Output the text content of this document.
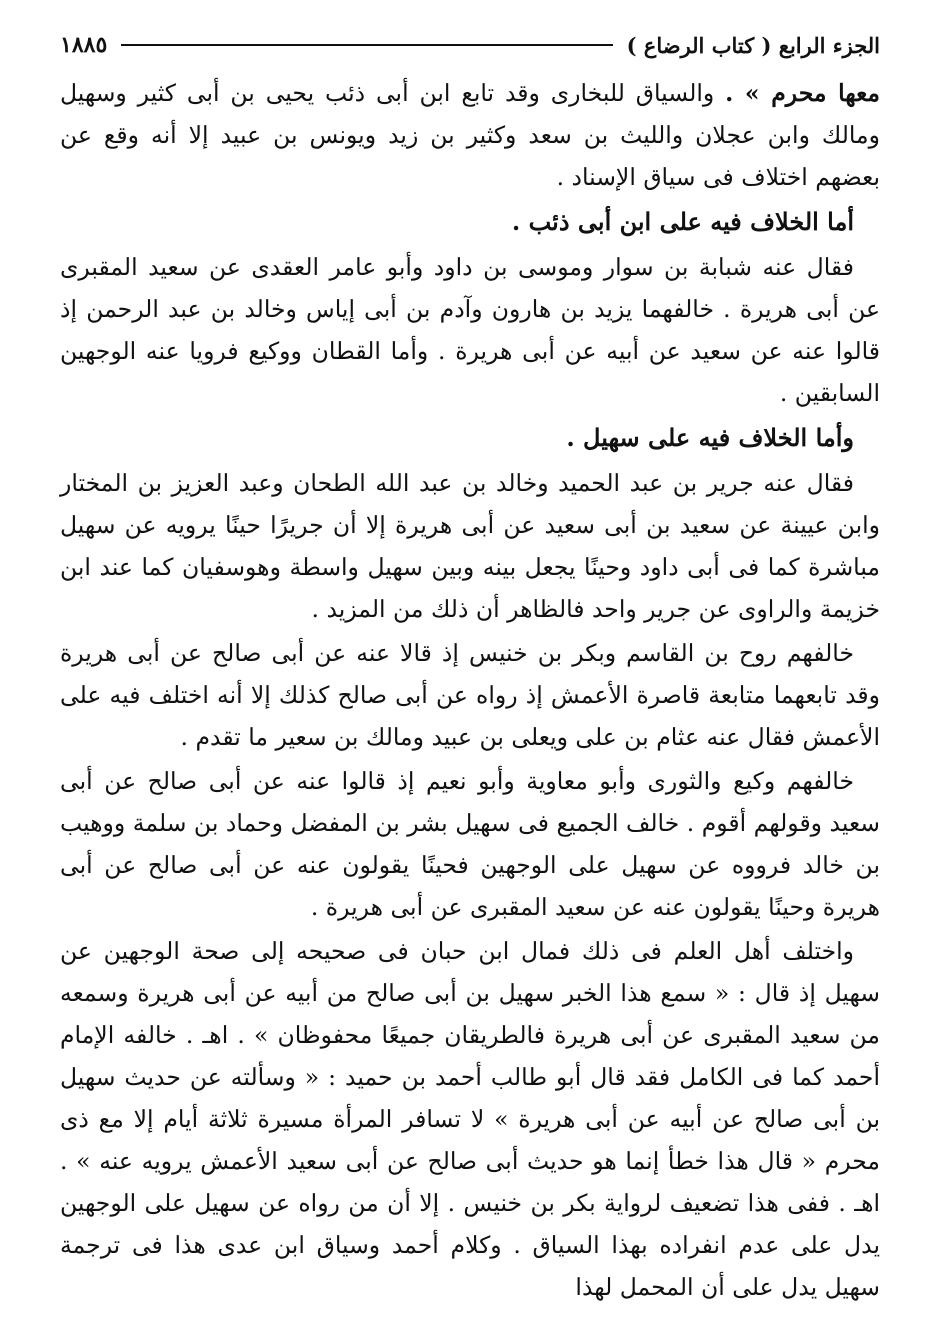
الجزء الرابع ( كتاب الرضاع )
١٨٨٥

معها محرم » . والسياق للبخارى وقد تابع ابن أبى ذئب يحيى بن أبى كثير وسهيل ومالك وابن عجلان والليث بن سعد وكثير بن زيد ويونس بن عبيد إلا أنه وقع عن بعضهم اختلاف فى سياق الإسناد .

أما الخلاف فيه على ابن أبى ذئب .

فقال عنه شبابة بن سوار وموسى بن داود وأبو عامر العقدى عن سعيد المقبرى عن أبى هريرة . خالفهما يزيد بن هارون وآدم بن أبى إياس وخالد بن عبد الرحمن إذ قالوا عنه عن سعيد عن أبيه عن أبى هريرة . وأما القطان ووكيع فرويا عنه الوجهين السابقين .

وأما الخلاف فيه على سهيل .

فقال عنه جرير بن عبد الحميد وخالد بن عبد الله الطحان وعبد العزيز بن المختار وابن عيينة عن سعيد بن أبى سعيد عن أبى هريرة إلا أن جريرًا حينًا يرويه عن سهيل مباشرة كما فى أبى داود وحينًا يجعل بينه وبين سهيل واسطة وهوسفيان كما عند ابن خزيمة والراوى عن جرير واحد فالظاهر أن ذلك من المزيد .

خالفهم روح بن القاسم وبكر بن خنيس إذ قالا عنه عن أبى صالح عن أبى هريرة وقد تابعهما متابعة قاصرة الأعمش إذ رواه عن أبى صالح كذلك إلا أنه اختلف فيه على الأعمش فقال عنه عثام بن على ويعلى بن عبيد ومالك بن سعير ما تقدم .

خالفهم وكيع والثورى وأبو معاوية وأبو نعيم إذ قالوا عنه عن أبى صالح عن أبى سعيد وقولهم أقوم . خالف الجميع فى سهيل بشر بن المفضل وحماد بن سلمة ووهيب بن خالد فرووه عن سهيل على الوجهين فحينًا يقولون عنه عن أبى صالح عن أبى هريرة وحينًا يقولون عنه عن سعيد المقبرى عن أبى هريرة .

واختلف أهل العلم فى ذلك فمال ابن حبان فى صحيحه إلى صحة الوجهين عن سهيل إذ قال : « سمع هذا الخبر سهيل بن أبى صالح من أبيه عن أبى هريرة وسمعه من سعيد المقبرى عن أبى هريرة فالطريقان جميعًا محفوظان » . اهـ . خالفه الإمام أحمد كما فى الكامل فقد قال أبو طالب أحمد بن حميد : « وسألته عن حديث سهيل بن أبى صالح عن أبيه عن أبى هريرة » لا تسافر المرأة مسيرة ثلاثة أيام إلا مع ذى محرم « قال هذا خطأ إنما هو حديث أبى صالح عن أبى سعيد الأعمش يرويه عنه » . اهـ . ففى هذا تضعيف لرواية بكر بن خنيس . إلا أن من رواه عن سهيل على الوجهين يدل على عدم انفراده بهذا السياق . وكلام أحمد وسياق ابن عدى هذا فى ترجمة سهيل يدل على أن المحمل لهذا
